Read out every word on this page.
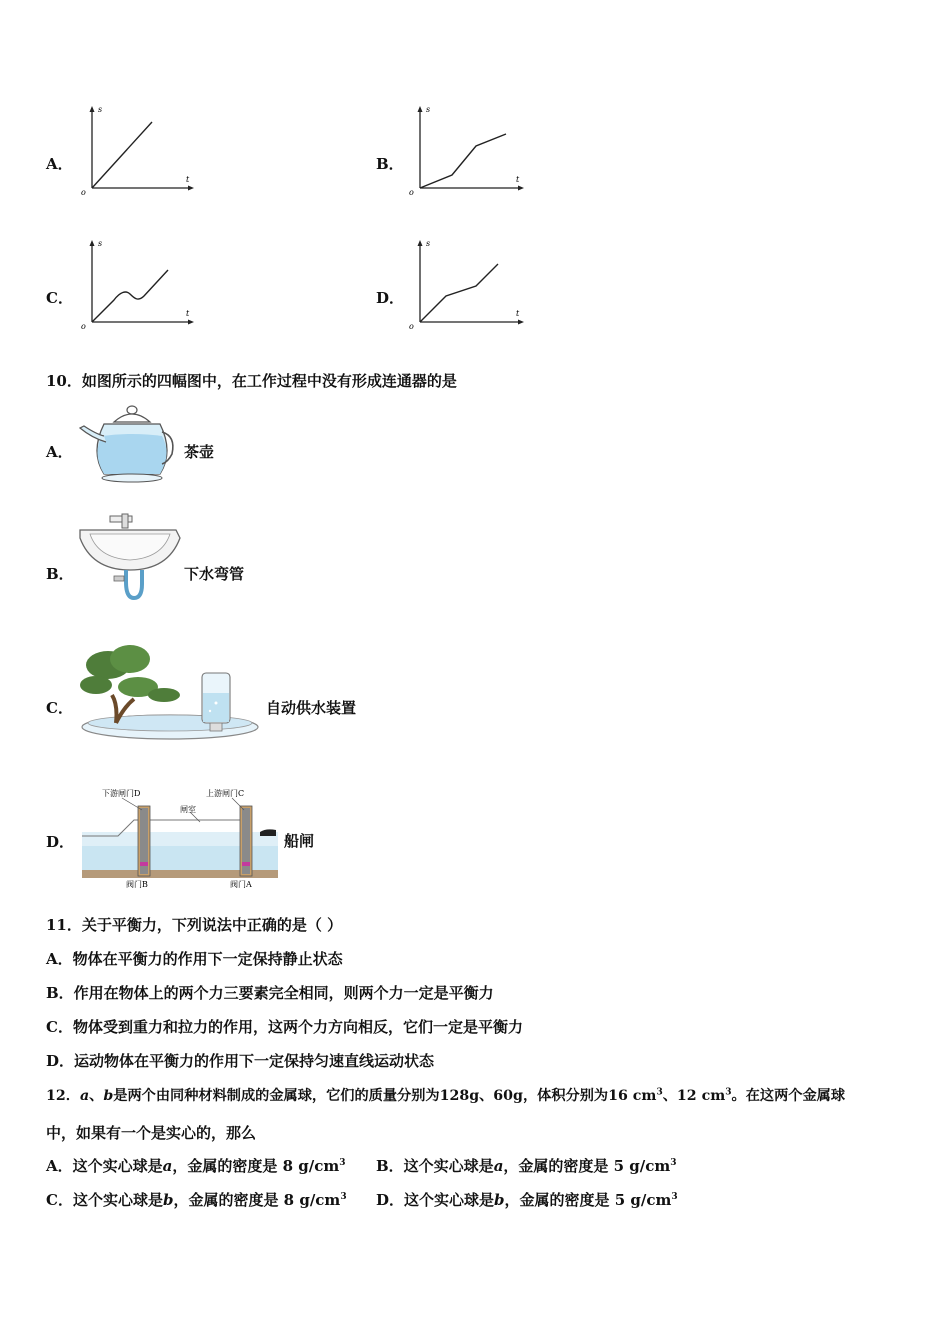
A．
s
t
o
B．
s
t
o
C．
s
t
o
D．
s
t
o
10．如图所示的四幅图中，在工作过程中没有形成连通器的是
A．	茶壶
B．	下水弯管
C．	自动供水装置
D．
下游闸门D	上游闸门C
闸室
阀门B	阀门A
船闸
11．关于平衡力，下列说法中正确的是（ ）
A．物体在平衡力的作用下一定保持静止状态
B．作用在物体上的两个力三要素完全相同，则两个力一定是平衡力
C．物体受到重力和拉力的作用，这两个力方向相反，它们一定是平衡力
D．运动物体在平衡力的作用下一定保持匀速直线运动状态
12．a、b是两个由同种材料制成的金属球，它们的质量分别为128g、60g，体积分别为16 $cm^3$、12 $cm^3$。在这两个金属球
中，如果有一个是实心的，那么
A．这个实心球是a，金属的密度是 8 $g/cm^3$ B．这个实心球是a，金属的密度是 5 $g/cm^3$
C．这个实心球是b，金属的密度是 8 $g/cm^3$ D．这个实心球是b，金属的密度是 5 $g/cm^3$
